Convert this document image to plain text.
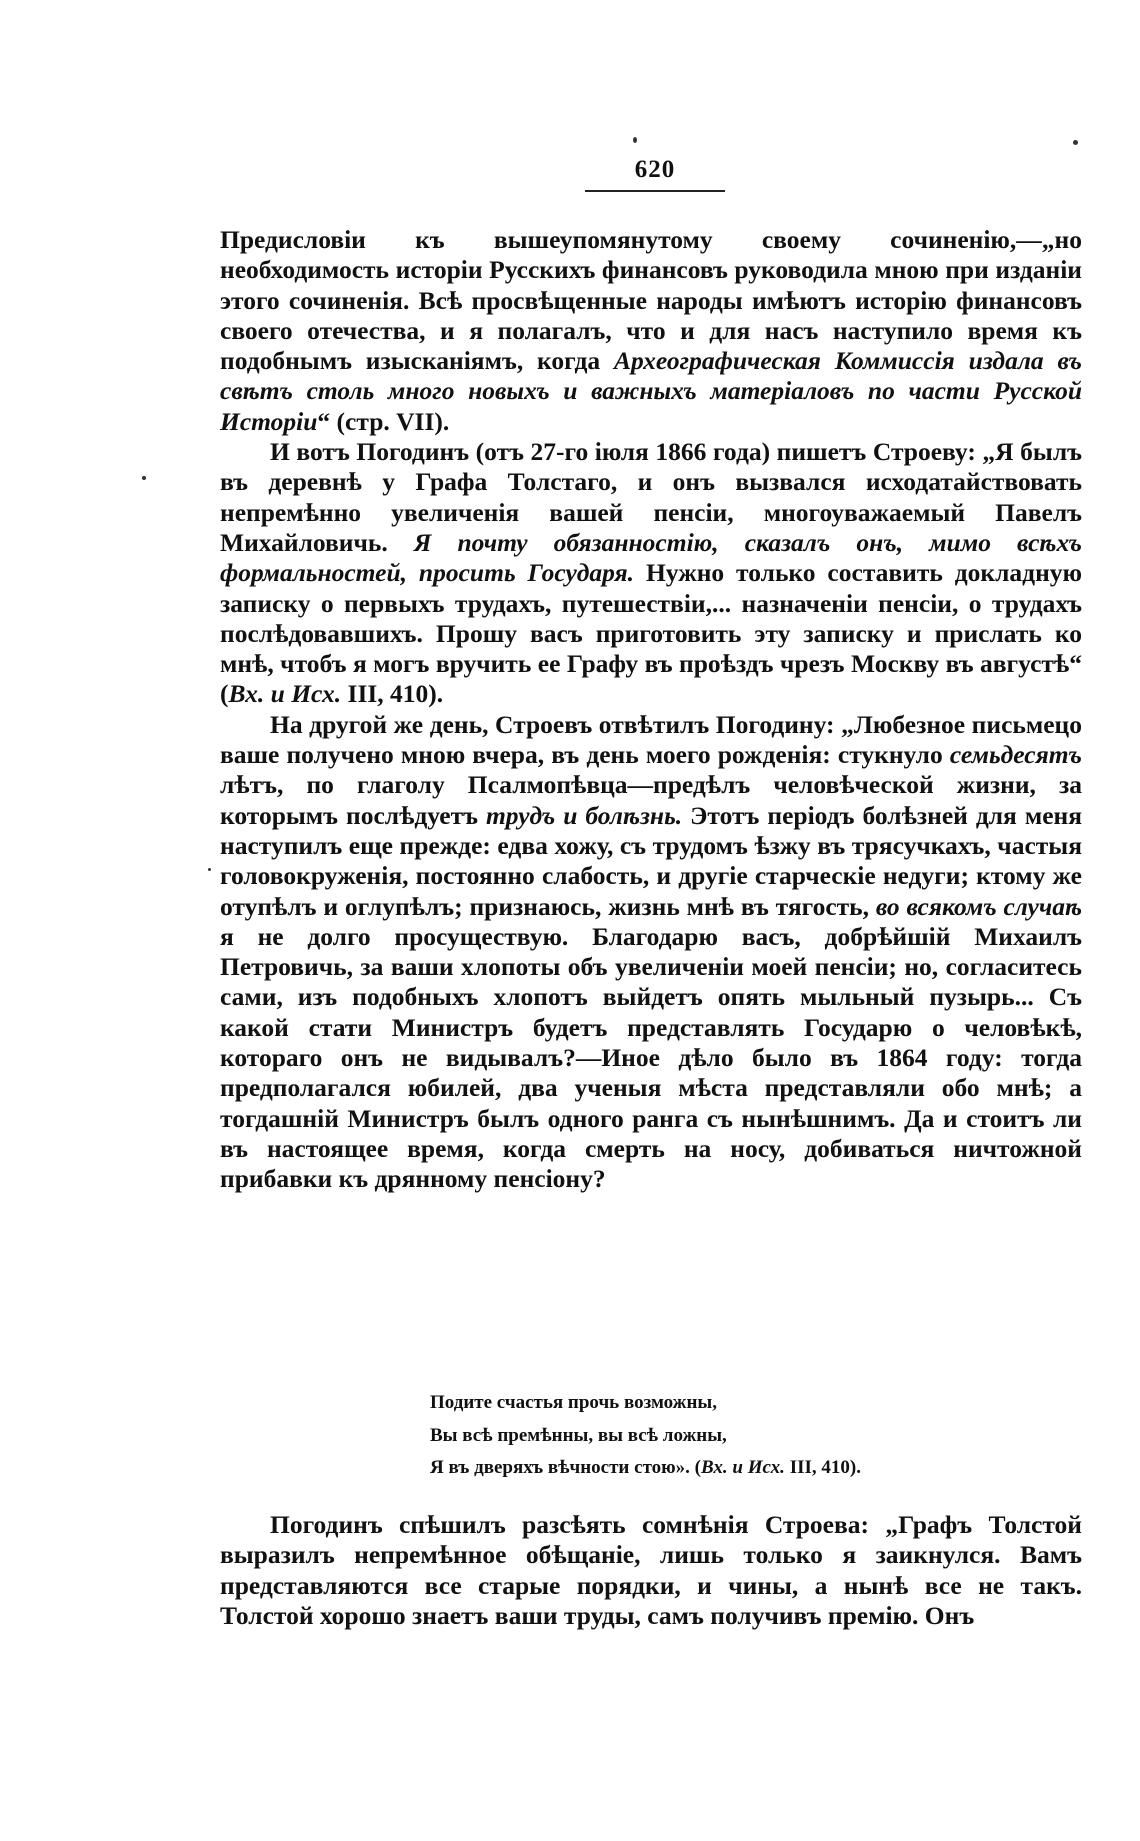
620

Предисловіи къ вышеупомянутому своему сочиненію,—„но необходимость исторіи Русскихъ финансовъ руководила мною при изданіи этого сочиненія. Всѣ просвѣщенные народы имѣютъ исторію финансовъ своего отечества, и я полагалъ, что и для насъ наступило время къ подобнымъ изысканіямъ, когда Археографическая Коммиссія издала въ свѣтъ столь много новыхъ и важныхъ матеріаловъ по части Русской Исторіи“ (стр. VII).

И вотъ Погодинъ (отъ 27-го іюля 1866 года) пишетъ Строеву: „Я былъ въ деревнѣ у Графа Толстаго, и онъ вызвался исходатайствовать непремѣнно увеличенія вашей пенсіи, многоуважаемый Павелъ Михайловичь. Я почту обязанностію, сказалъ онъ, мимо всѣхъ формальностей, просить Государя. Нужно только составить докладную записку о первыхъ трудахъ, путешествіи,... назначеніи пенсіи, о трудахъ послѣдовавшихъ. Прошу васъ приготовить эту записку и прислать ко мнѣ, чтобъ я могъ вручить ее Графу въ проѣздъ чрезъ Москву въ августѣ“ (Вх. и Исх. III, 410).

На другой же день, Строевъ отвѣтилъ Погодину: „Любезное письмецо ваше получено мною вчера, въ день моего рожденія: стукнуло семьдесятъ лѣтъ, по глаголу Псалмопѣвца—предѣлъ человѣческой жизни, за которымъ послѣдуетъ трудъ и болѣзнь. Этотъ періодъ болѣзней для меня наступилъ еще прежде: едва хожу, съ трудомъ ѣзжу въ трясучкахъ, частыя головокруженія, постоянно слабость, и другіе старческіе недуги; ктому же отупѣлъ и оглупѣлъ; признаюсь, жизнь мнѣ въ тягость, во всякомъ случаѣ я не долго просуществую. Благодарю васъ, добрѣйшій Михаилъ Петровичь, за ваши хлопоты объ увеличеніи моей пенсіи; но, согласитесь сами, изъ подобныхъ хлопотъ выйдетъ опять мыльный пузырь... Съ какой стати Министръ будетъ представлять Государю о человѣкѣ, котораго онъ не видывалъ?—Иное дѣло было въ 1864 году: тогда предполагался юбилей, два ученыя мѣста представляли обо мнѣ; а тогдашній Министръ былъ одного ранга съ нынѣшнимъ. Да и стоитъ ли въ настоящее время, когда смерть на носу, добиваться ничтожной прибавки къ дрянному пенсіону?

Подите счастья прочь возможны,
Вы всѣ премѣнны, вы всѣ ложны,
Я въ дверяхъ вѣчности стою». (Вх. и Исх. III, 410).

Погодинъ спѣшилъ разсѣять сомнѣнія Строева: „Графъ Толстой выразилъ непремѣнное обѣщаніе, лишь только я заикнулся. Вамъ представляются все старые порядки, и чины, а нынѣ все не такъ. Толстой хорошо знаетъ ваши труды, самъ получивъ премію. Онъ
